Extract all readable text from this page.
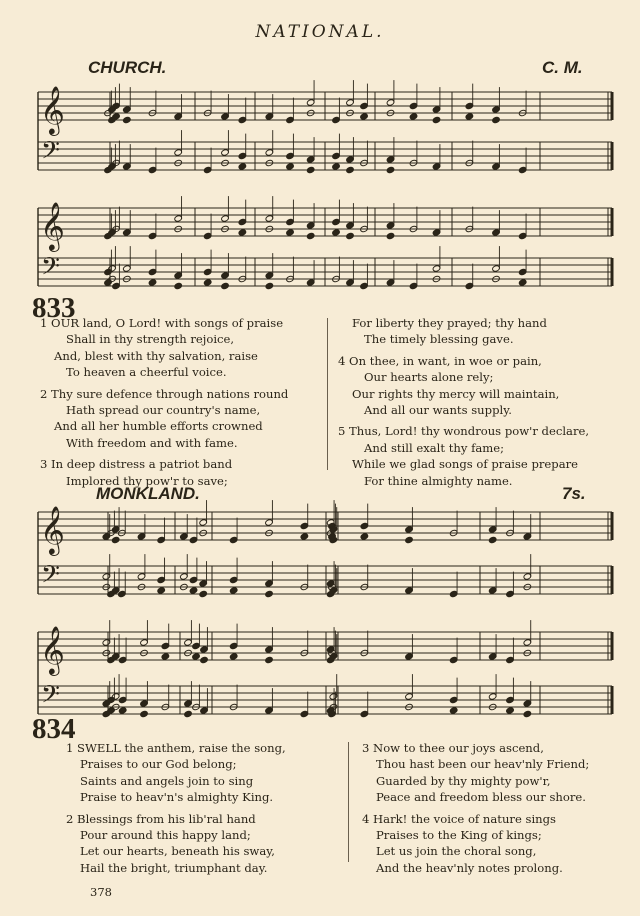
NATIONAL.
CHURCH.	C. M.
𝄞
𝄢
𝄞
𝄢
𝄞
𝄢
𝄞
𝄢
833
1 OUR land, O Lord! with songs of praise
Shall in thy strength rejoice,
And, blest with thy salvation, raise
To heaven a cheerful voice.
2 Thy sure defence through nations round
Hath spread our country's name,
And all her humble efforts crowned
With freedom and with fame.
3 In deep distress a patriot band
Implored thy pow'r to save;
For liberty they prayed; thy hand
The timely blessing gave.
4 On thee, in want, in woe or pain,
Our hearts alone rely;
Our rights thy mercy will maintain,
And all our wants supply.
5 Thus, Lord! thy wondrous pow'r declare,
And still exalt thy fame;
While we glad songs of praise prepare
For thine almighty name.
MONKLAND.	7s.
834
1 SWELL the anthem, raise the song,
Praises to our God belong;
Saints and angels join to sing
Praise to heav'n's almighty King.
2 Blessings from his lib'ral hand
Pour around this happy land;
Let our hearts, beneath his sway,
Hail the bright, triumphant day.
3 Now to thee our joys ascend,
Thou hast been our heav'nly Friend;
Guarded by thy mighty pow'r,
Peace and freedom bless our shore.
4 Hark! the voice of nature sings
Praises to the King of kings;
Let us join the choral song,
And the heav'nly notes prolong.
378
